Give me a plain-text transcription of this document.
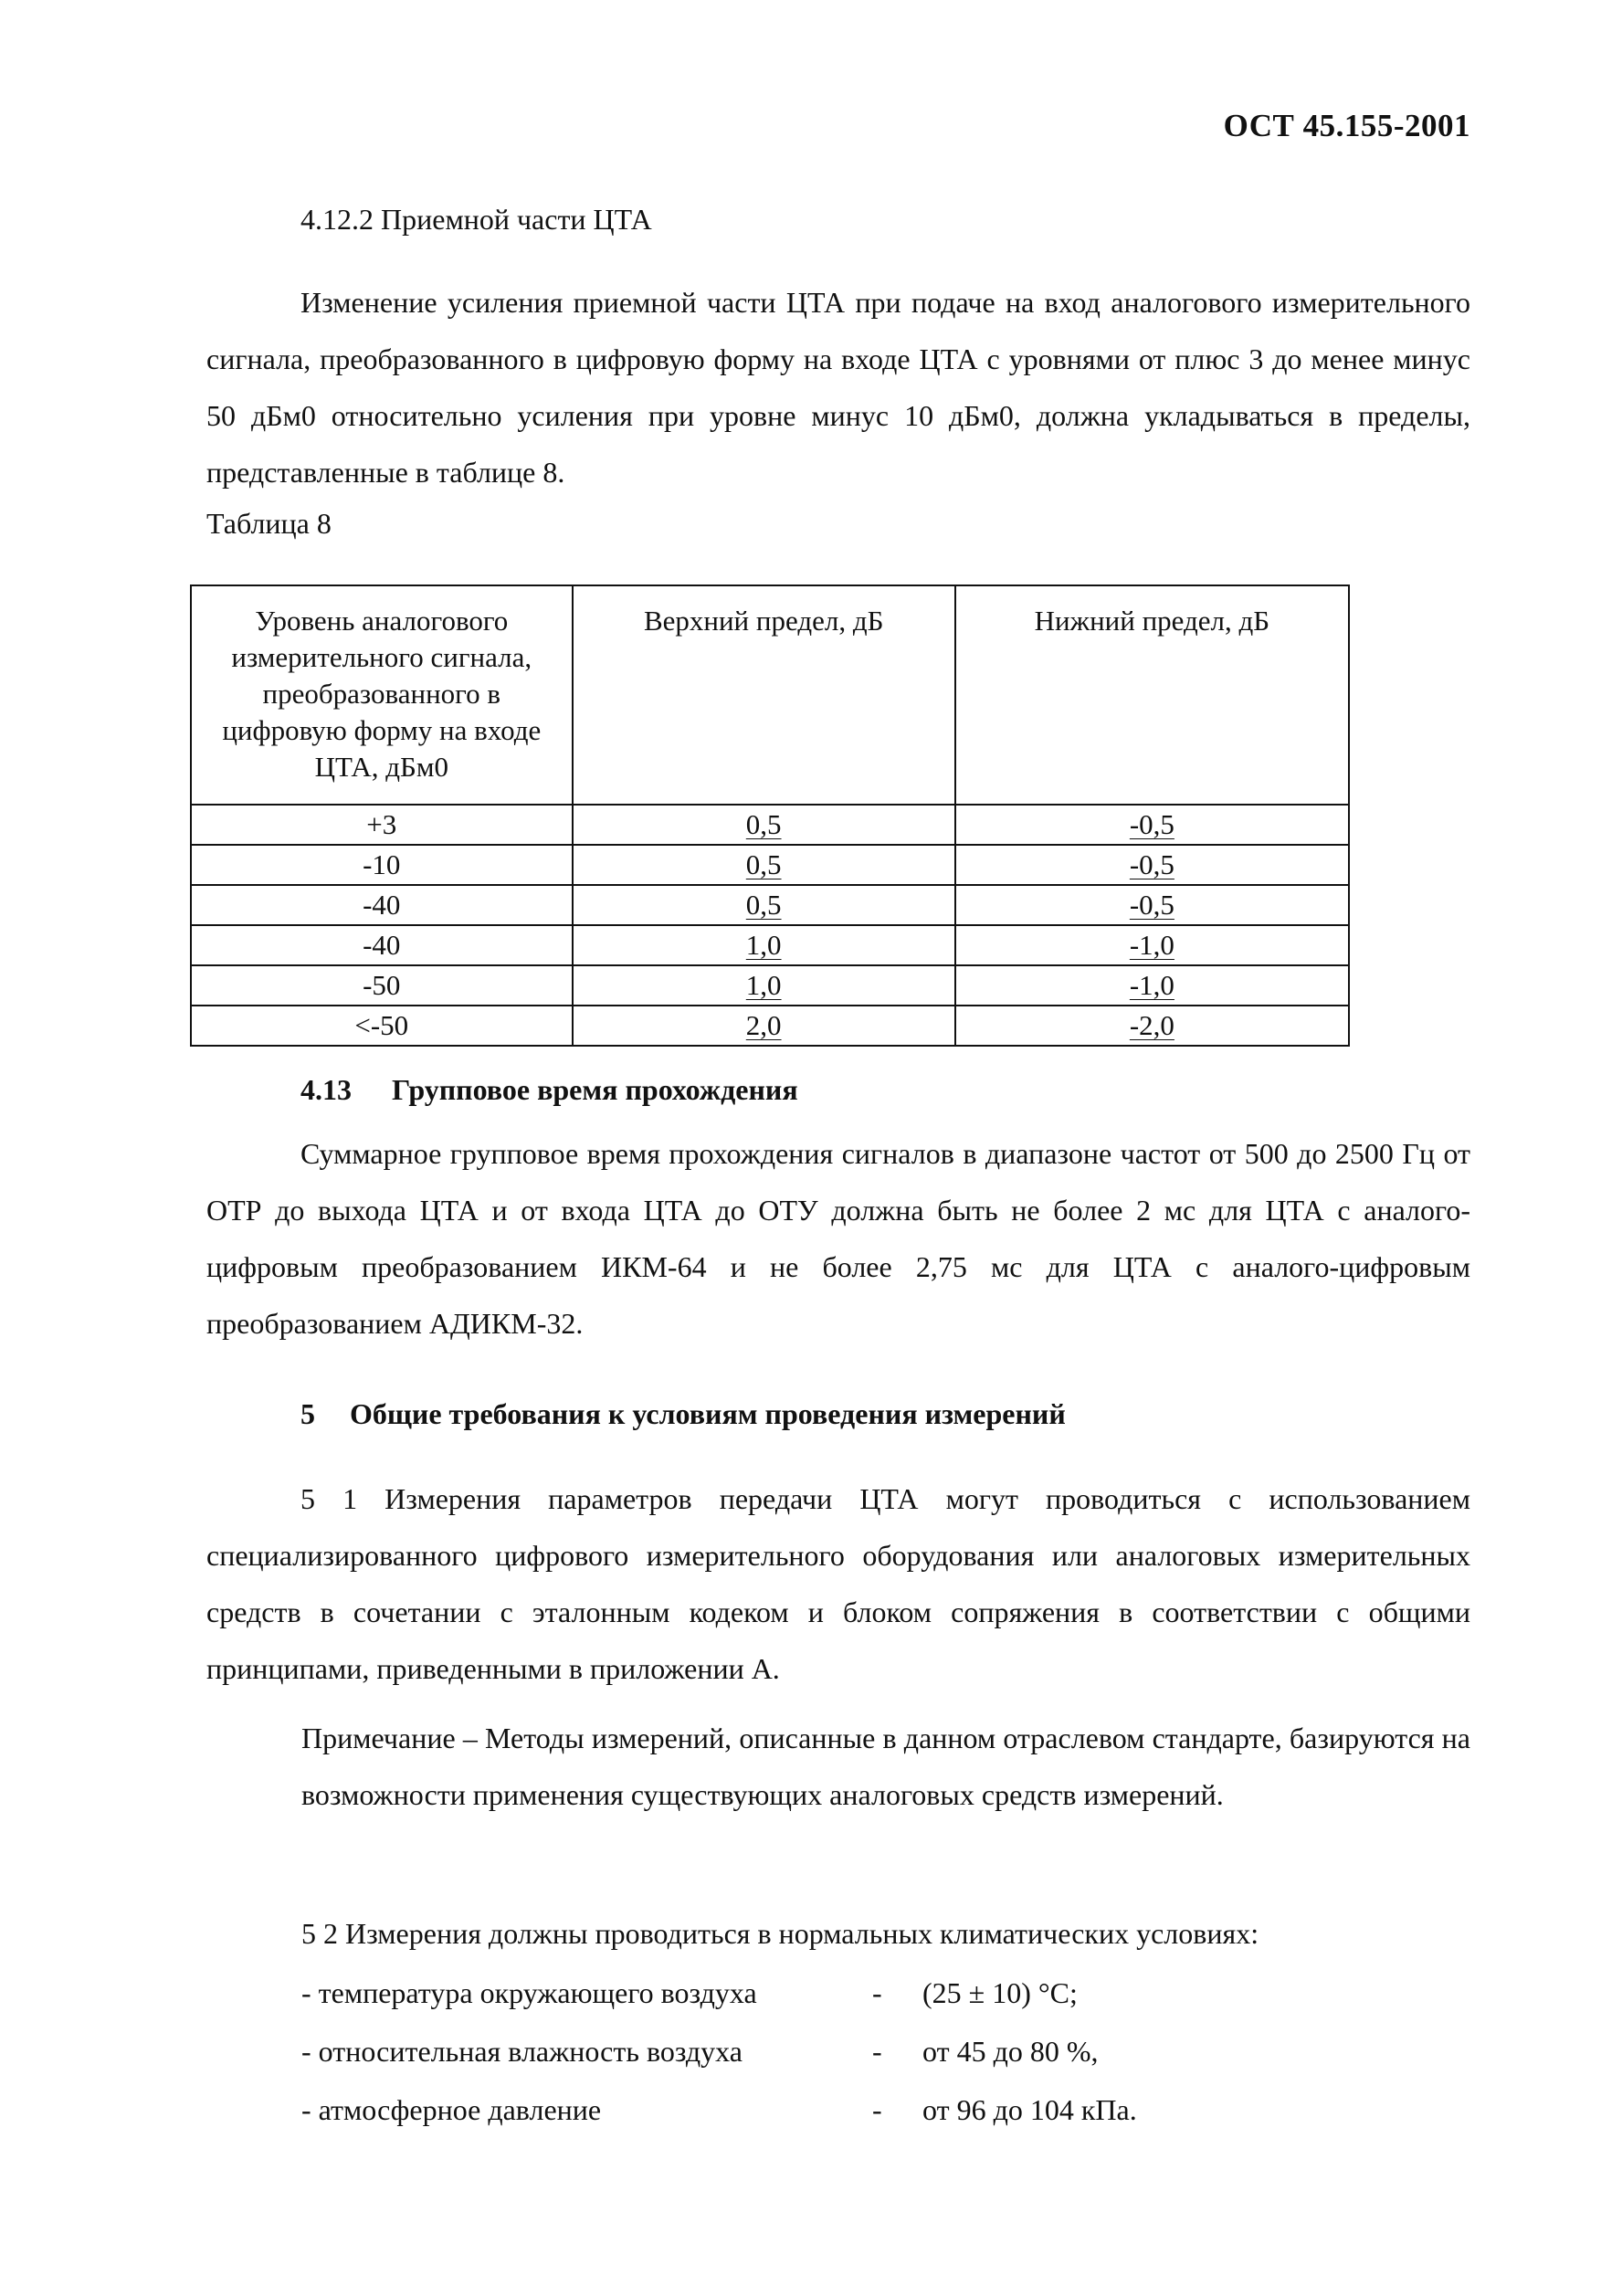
ОСТ 45.155-2001
4.12.2 Приемной части ЦТА

Изменение усиления приемной части ЦТА при подаче на вход аналогового измерительного сигнала, преобразованного в цифровую форму на входе ЦТА с уровнями от плюс 3 до менее минус 50 дБм0 относительно усиления при уровне минус 10 дБм0, должна укладываться в пределы, представленные в таблице 8.

Таблица 8
Уровень аналогового измерительного сигнала, преобразованного в цифровую форму на входе ЦТА, дБм0	Верхний предел, дБ	Нижний предел, дБ
+3	0,5	-0,5
-10	0,5	-0,5
-40	0,5	-0,5
-40	1,0	-1,0
-50	1,0	-1,0
<-50	2,0	-2,0
4.13 Групповое время прохождения

Суммарное групповое время прохождения сигналов в диапазоне частот от 500 до 2500 Гц от ОТР до выхода ЦТА и от входа ЦТА до ОТУ должна быть не более 2 мс для ЦТА с аналого-цифровым преобразованием ИКМ-64 и не более 2,75 мс для ЦТА с аналого-цифровым преобразованием АДИКМ-32.

5 Общие требования к условиям проведения измерений

5 1 Измерения параметров передачи ЦТА могут проводиться с использованием специализированного цифрового измерительного оборудования или аналоговых измерительных средств в сочетании с эталонным кодеком и блоком сопряжения в соответствии с общими принципами, приведенными в приложении А.

Примечание – Методы измерений, описанные в данном отраслевом стандарте, базируются на возможности применения существующих аналоговых средств измерений.

5 2 Измерения должны проводиться в нормальных климатических условиях:

- температура окружающего воздуха	-	(25 ± 10) °С;
- относительная влажность воздуха	-	от 45 до 80 %,
- атмосферное давление	-	от 96 до 104 кПа.
